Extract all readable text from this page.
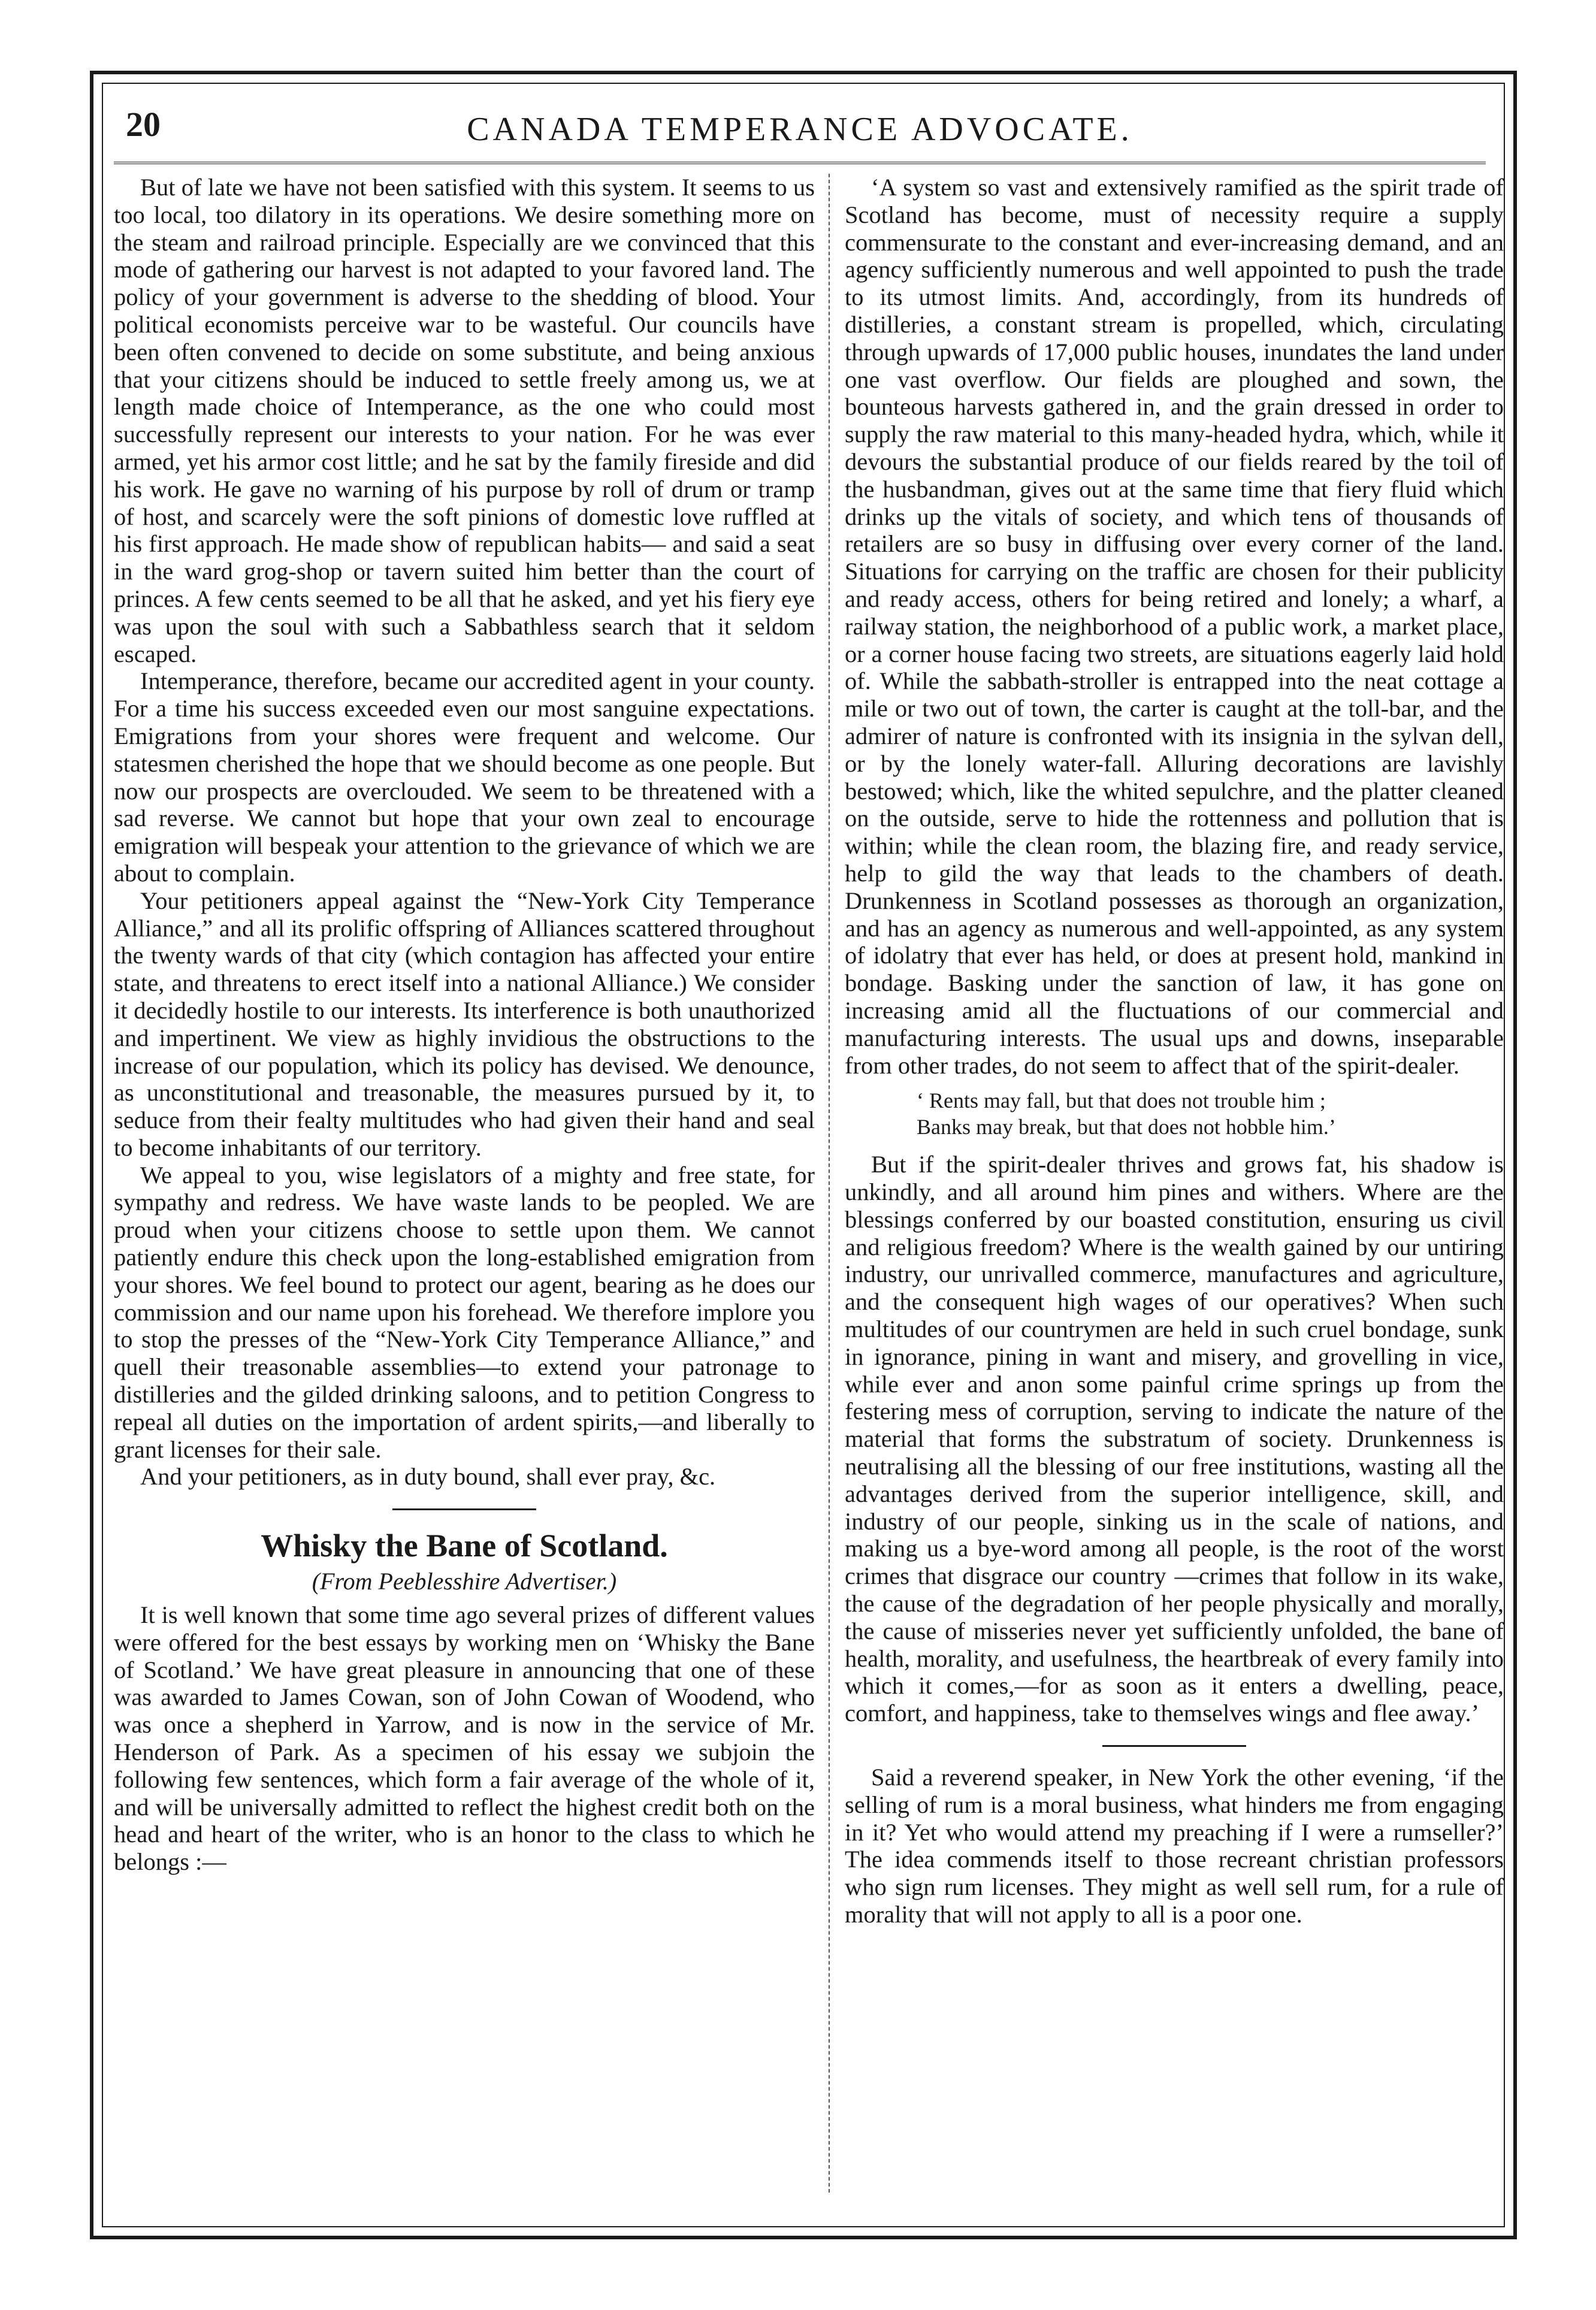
20	CANADA TEMPERANCE ADVOCATE.

But of late we have not been satisfied with this system. It seems to us too local, too dilatory in its operations. We desire something more on the steam and railroad principle. Especially are we convinced that this mode of gathering our harvest is not adapted to your favored land. The policy of your government is adverse to the shedding of blood. Your political economists perceive war to be wasteful. Our councils have been often convened to decide on some substitute, and being anxious that your citizens should be induced to settle freely among us, we at length made choice of Intemperance, as the one who could most successfully represent our interests to your nation. For he was ever armed, yet his armor cost little; and he sat by the family fireside and did his work. He gave no warning of his purpose by roll of drum or tramp of host, and scarcely were the soft pinions of domestic love ruffled at his first approach. He made show of republican habits— and said a seat in the ward grog-shop or tavern suited him better than the court of princes. A few cents seemed to be all that he asked, and yet his fiery eye was upon the soul with such a Sabbathless search that it seldom escaped.

Intemperance, therefore, became our accredited agent in your county. For a time his success exceeded even our most sanguine expectations. Emigrations from your shores were frequent and welcome. Our statesmen cherished the hope that we should become as one people. But now our prospects are overclouded. We seem to be threatened with a sad reverse. We cannot but hope that your own zeal to encourage emigration will bespeak your attention to the grievance of which we are about to complain.

Your petitioners appeal against the “New-York City Temperance Alliance,” and all its prolific offspring of Alliances scattered throughout the twenty wards of that city (which contagion has affected your entire state, and threatens to erect itself into a national Alliance.) We consider it decidedly hostile to our interests. Its interference is both unauthorized and impertinent. We view as highly invidious the obstructions to the increase of our population, which its policy has devised. We denounce, as unconstitutional and treasonable, the measures pursued by it, to seduce from their fealty multitudes who had given their hand and seal to become inhabitants of our territory.

We appeal to you, wise legislators of a mighty and free state, for sympathy and redress. We have waste lands to be peopled. We are proud when your citizens choose to settle upon them. We cannot patiently endure this check upon the long-established emigration from your shores. We feel bound to protect our agent, bearing as he does our commission and our name upon his forehead. We therefore implore you to stop the presses of the “New-York City Temperance Alliance,” and quell their treasonable assemblies—to extend your patronage to distilleries and the gilded drinking saloons, and to petition Congress to repeal all duties on the importation of ardent spirits,—and liberally to grant licenses for their sale.

And your petitioners, as in duty bound, shall ever pray, &c.

Whisky the Bane of Scotland.
(From Peeblesshire Advertiser.)

It is well known that some time ago several prizes of different values were offered for the best essays by working men on ‘Whisky the Bane of Scotland.’ We have great pleasure in announcing that one of these was awarded to James Cowan, son of John Cowan of Woodend, who was once a shepherd in Yarrow, and is now in the service of Mr. Henderson of Park. As a specimen of his essay we subjoin the following few sentences, which form a fair average of the whole of it, and will be universally admitted to reflect the highest credit both on the head and heart of the writer, who is an honor to the class to which he belongs :—

‘A system so vast and extensively ramified as the spirit trade of Scotland has become, must of necessity require a supply commensurate to the constant and ever-increasing demand, and an agency sufficiently numerous and well appointed to push the trade to its utmost limits. And, accordingly, from its hundreds of distilleries, a constant stream is propelled, which, circulating through upwards of 17,000 public houses, inundates the land under one vast overflow. Our fields are ploughed and sown, the bounteous harvests gathered in, and the grain dressed in order to supply the raw material to this many-headed hydra, which, while it devours the substantial produce of our fields reared by the toil of the husbandman, gives out at the same time that fiery fluid which drinks up the vitals of society, and which tens of thousands of retailers are so busy in diffusing over every corner of the land. Situations for carrying on the traffic are chosen for their publicity and ready access, others for being retired and lonely; a wharf, a railway station, the neighborhood of a public work, a market place, or a corner house facing two streets, are situations eagerly laid hold of. While the sabbath-stroller is entrapped into the neat cottage a mile or two out of town, the carter is caught at the toll-bar, and the admirer of nature is confronted with its insignia in the sylvan dell, or by the lonely water-fall. Alluring decorations are lavishly bestowed; which, like the whited sepulchre, and the platter cleaned on the outside, serve to hide the rottenness and pollution that is within; while the clean room, the blazing fire, and ready service, help to gild the way that leads to the chambers of death. Drunkenness in Scotland possesses as thorough an organization, and has an agency as numerous and well-appointed, as any system of idolatry that ever has held, or does at present hold, mankind in bondage. Basking under the sanction of law, it has gone on increasing amid all the fluctuations of our commercial and manufacturing interests. The usual ups and downs, inseparable from other trades, do not seem to affect that of the spirit-dealer.

‘ Rents may fall, but that does not trouble him ;
Banks may break, but that does not hobble him.’

But if the spirit-dealer thrives and grows fat, his shadow is unkindly, and all around him pines and withers. Where are the blessings conferred by our boasted constitution, ensuring us civil and religious freedom? Where is the wealth gained by our untiring industry, our unrivalled commerce, manufactures and agriculture, and the consequent high wages of our operatives? When such multitudes of our countrymen are held in such cruel bondage, sunk in ignorance, pining in want and misery, and grovelling in vice, while ever and anon some painful crime springs up from the festering mess of corruption, serving to indicate the nature of the material that forms the substratum of society. Drunkenness is neutralising all the blessing of our free institutions, wasting all the advantages derived from the superior intelligence, skill, and industry of our people, sinking us in the scale of nations, and making us a bye-word among all people, is the root of the worst crimes that disgrace our country —crimes that follow in its wake, the cause of the degradation of her people physically and morally, the cause of misseries never yet sufficiently unfolded, the bane of health, morality, and usefulness, the heartbreak of every family into which it comes,—for as soon as it enters a dwelling, peace, comfort, and happiness, take to themselves wings and flee away.’

Said a reverend speaker, in New York the other evening, ‘if the selling of rum is a moral business, what hinders me from engaging in it? Yet who would attend my preaching if I were a rumseller?’ The idea commends itself to those recreant christian professors who sign rum licenses. They might as well sell rum, for a rule of morality that will not apply to all is a poor one.
